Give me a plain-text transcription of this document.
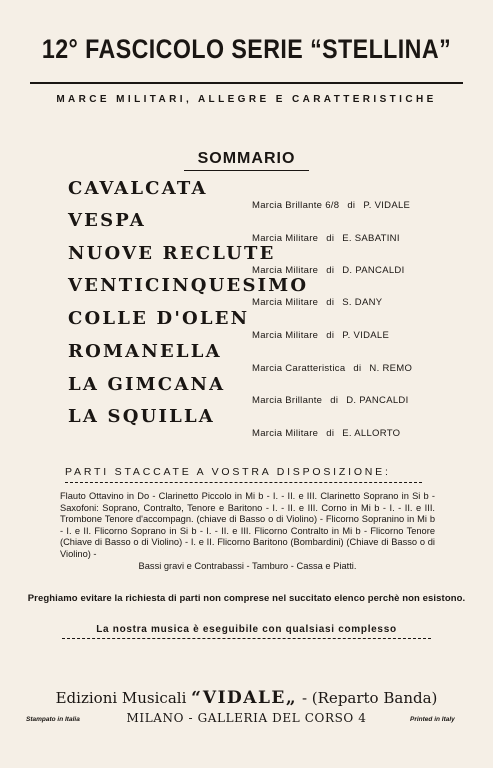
12° FASCICOLO SERIE “STELLINA”
MARCE MILITARI, ALLEGRE E CARATTERISTICHE
SOMMARIO
CAVALCATA
Marcia Brillante 6/8 di P. VIDALE
VESPA
Marcia Militare di E. SABATINI
NUOVE RECLUTE
Marcia Militare di D. PANCALDI
VENTICINQUESIMO
Marcia Militare di S. DANY
COLLE D'OLEN
Marcia Militare di P. VIDALE
ROMANELLA
Marcia Caratteristica di N. REMO
LA GIMCANA
Marcia Brillante di D. PANCALDI
LA SQUILLA
Marcia Militare di E. ALLORTO
PARTI STACCATE A VOSTRA DISPOSIZIONE:
Flauto Ottavino in Do - Clarinetto Piccolo in Mi b - I. - II. e III. Clarinetto Soprano in Si b - Saxofoni: Soprano, Contralto, Tenore e Baritono - I. - II. e III. Corno in Mi b - I. - II. e III. Trombone Tenore d'accompagn. (chiave di Basso o di Violino) - Flicorno Sopranino in Mi b - I. e II. Flicorno Soprano in Si b - I. - II. e III. Flicorno Contralto in Mi b - Flicorno Tenore (Chiave di Basso o di Violino) - I. e II. Flicorno Baritono (Bombardini) (Chiave di Basso o di Violino) -
Bassi gravi e Contrabassi - Tamburo - Cassa e Piatti.
Preghiamo evitare la richiesta di parti non comprese nel succitato elenco perchè non esistono.
La nostra musica è eseguibile con qualsiasi complesso
Edizioni Musicali “VIDALE„ - (Reparto Banda)
MILANO - GALLERIA DEL CORSO 4
Stampato in Italia	Printed in Italy
